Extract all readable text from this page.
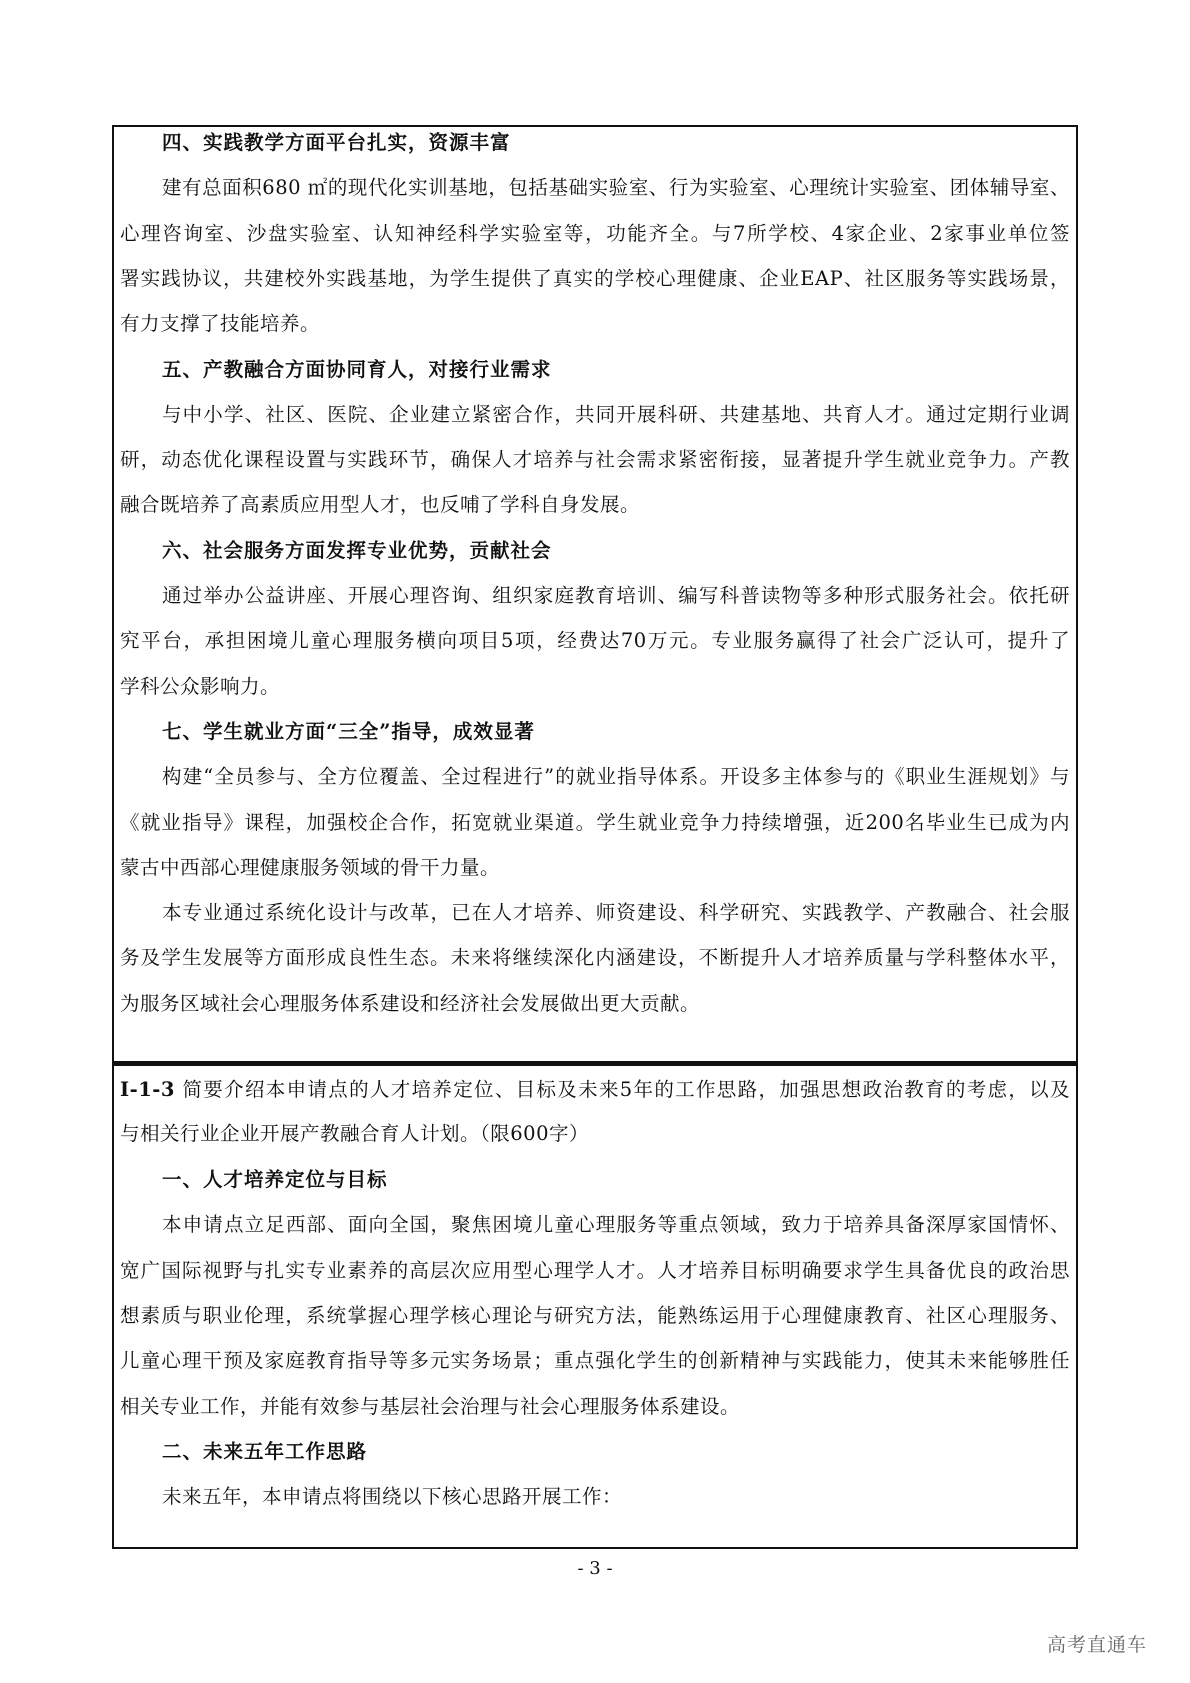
四、实践教学方面平台扎实，资源丰富
建有总面积680 ㎡的现代化实训基地，包括基础实验室、行为实验室、心理统计实验室、团体辅导室、
心理咨询室、沙盘实验室、认知神经科学实验室等，功能齐全。与7所学校、4家企业、2家事业单位签
署实践协议，共建校外实践基地，为学生提供了真实的学校心理健康、企业EAP、社区服务等实践场景，
有力支撑了技能培养。
五、产教融合方面协同育人，对接行业需求
与中小学、社区、医院、企业建立紧密合作，共同开展科研、共建基地、共育人才。通过定期行业调
研，动态优化课程设置与实践环节，确保人才培养与社会需求紧密衔接，显著提升学生就业竞争力。产教
融合既培养了高素质应用型人才，也反哺了学科自身发展。
六、社会服务方面发挥专业优势，贡献社会
通过举办公益讲座、开展心理咨询、组织家庭教育培训、编写科普读物等多种形式服务社会。依托研
究平台，承担困境儿童心理服务横向项目5项，经费达70万元。专业服务赢得了社会广泛认可，提升了
学科公众影响力。
七、学生就业方面“三全”指导，成效显著
构建“全员参与、全方位覆盖、全过程进行”的就业指导体系。开设多主体参与的《职业生涯规划》与
《就业指导》课程，加强校企合作，拓宽就业渠道。学生就业竞争力持续增强，近200名毕业生已成为内
蒙古中西部心理健康服务领域的骨干力量。
本专业通过系统化设计与改革，已在人才培养、师资建设、科学研究、实践教学、产教融合、社会服
务及学生发展等方面形成良性生态。未来将继续深化内涵建设，不断提升人才培养质量与学科整体水平，
为服务区域社会心理服务体系建设和经济社会发展做出更大贡献。
I-1-3 简要介绍本申请点的人才培养定位、目标及未来5年的工作思路，加强思想政治教育的考虑，以及
与相关行业企业开展产教融合育人计划。（限600字）
一、人才培养定位与目标
本申请点立足西部、面向全国，聚焦困境儿童心理服务等重点领域，致力于培养具备深厚家国情怀、
宽广国际视野与扎实专业素养的高层次应用型心理学人才。人才培养目标明确要求学生具备优良的政治思
想素质与职业伦理，系统掌握心理学核心理论与研究方法，能熟练运用于心理健康教育、社区心理服务、
儿童心理干预及家庭教育指导等多元实务场景；重点强化学生的创新精神与实践能力，使其未来能够胜任
相关专业工作，并能有效参与基层社会治理与社会心理服务体系建设。
二、未来五年工作思路
未来五年，本申请点将围绕以下核心思路开展工作：
- 3 -
高考直通车
